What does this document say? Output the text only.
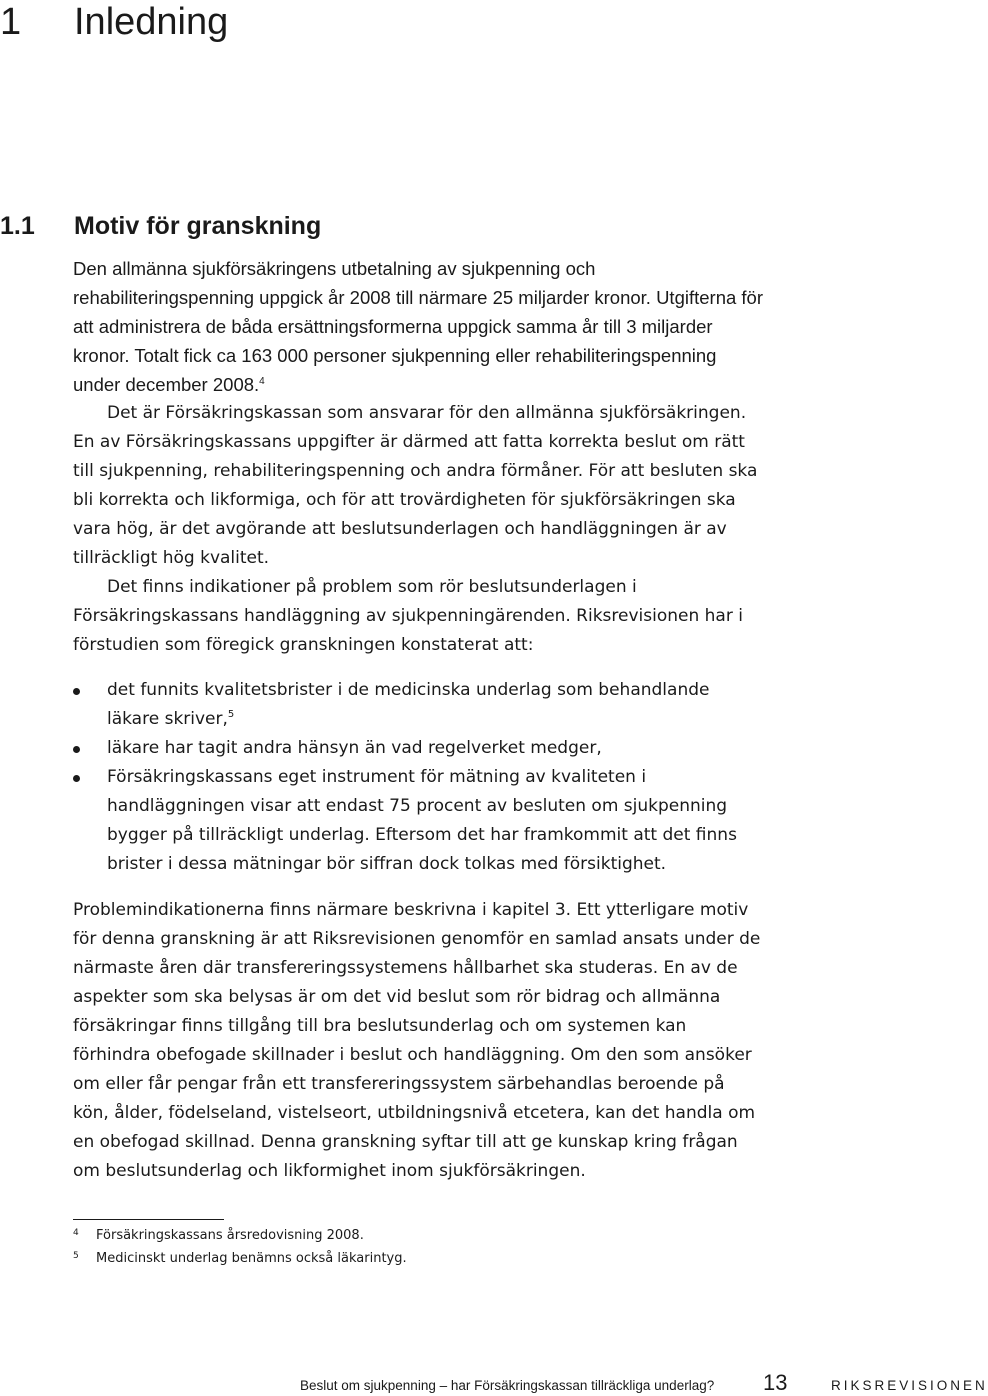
1 Inledning
1.1 Motiv för granskning

Den allmänna sjukförsäkringens utbetalning av sjukpenning och rehabiliteringspenning uppgick år 2008 till närmare 25 miljarder kronor. Utgifterna för att administrera de båda ersättningsformerna uppgick samma år till 3 miljarder kronor. Totalt fick ca 163 000 personer sjukpenning eller rehabiliteringspenning under december 2008.$^4$

Det är Försäkringskassan som ansvarar för den allmänna sjukförsäkringen. En av Försäkringskassans uppgifter är därmed att fatta korrekta beslut om rätt till sjukpenning, rehabiliteringspenning och andra förmåner. För att besluten ska bli korrekta och likformiga, och för att trovärdigheten för sjukförsäkringen ska vara hög, är det avgörande att beslutsunderlagen och handläggningen är av tillräckligt hög kvalitet.

Det finns indikationer på problem som rör beslutsunderlagen i Försäkringskassans handläggning av sjukpenningärenden. Riksrevisionen har i förstudien som föregick granskningen konstaterat att:

det funnits kvalitetsbrister i de medicinska underlag som behandlande läkare skriver,$^5$
läkare har tagit andra hänsyn än vad regelverket medger,
Försäkringskassans eget instrument för mätning av kvaliteten i handläggningen visar att endast 75 procent av besluten om sjukpenning bygger på tillräckligt underlag. Eftersom det har framkommit att det finns brister i dessa mätningar bör siffran dock tolkas med försiktighet.

Problemindikationerna finns närmare beskrivna i kapitel 3. Ett ytterligare motiv för denna granskning är att Riksrevisionen genomför en samlad ansats under de närmaste åren där transfereringssystemens hållbarhet ska studeras. En av de aspekter som ska belysas är om det vid beslut som rör bidrag och allmänna försäkringar finns tillgång till bra beslutsunderlag och om systemen kan förhindra obefogade skillnader i beslut och handläggning. Om den som ansöker om eller får pengar från ett transfereringssystem särbehandlas beroende på kön, ålder, födelseland, vistelseort, utbildningsnivå etcetera, kan det handla om en obefogad skillnad. Denna granskning syftar till att ge kunskap kring frågan om beslutsunderlag och likformighet inom sjukförsäkringen.

4 Försäkringskassans årsredovisning 2008.
5 Medicinskt underlag benämns också läkarintyg.
Beslut om sjukpenning – har Försäkringskassan tillräckliga underlag? 13	RIKSREVISIONEN
